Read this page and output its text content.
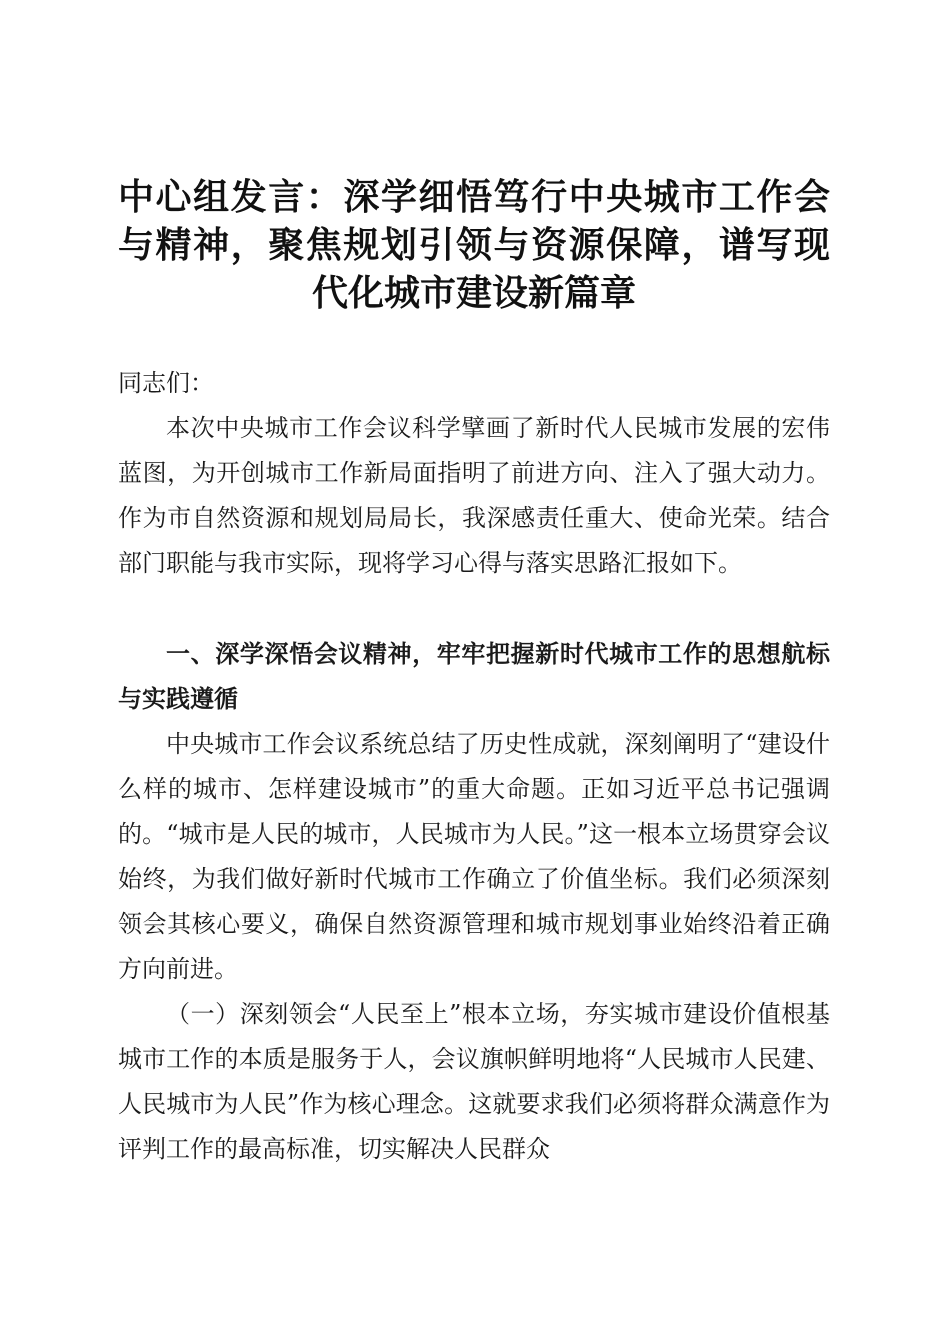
中心组发言：深学细悟笃行中央城市工作会与精神，聚焦规划引领与资源保障，谱写现代化城市建设新篇章

同志们：

本次中央城市工作会议科学擘画了新时代人民城市发展的宏伟蓝图，为开创城市工作新局面指明了前进方向、注入了强大动力。作为市自然资源和规划局局长，我深感责任重大、使命光荣。结合部门职能与我市实际，现将学习心得与落实思路汇报如下。

一、深学深悟会议精神，牢牢把握新时代城市工作的思想航标与实践遵循

中央城市工作会议系统总结了历史性成就，深刻阐明了“建设什么样的城市、怎样建设城市”的重大命题。正如习近平总书记强调的。“城市是人民的城市，人民城市为人民。”这一根本立场贯穿会议始终，为我们做好新时代城市工作确立了价值坐标。我们必须深刻领会其核心要义，确保自然资源管理和城市规划事业始终沿着正确方向前进。

（一）深刻领会“人民至上”根本立场，夯实城市建设价值根基城市工作的本质是服务于人，会议旗帜鲜明地将“人民城市人民建、人民城市为人民”作为核心理念。这就要求我们必须将群众满意作为评判工作的最高标准，切实解决人民群众
